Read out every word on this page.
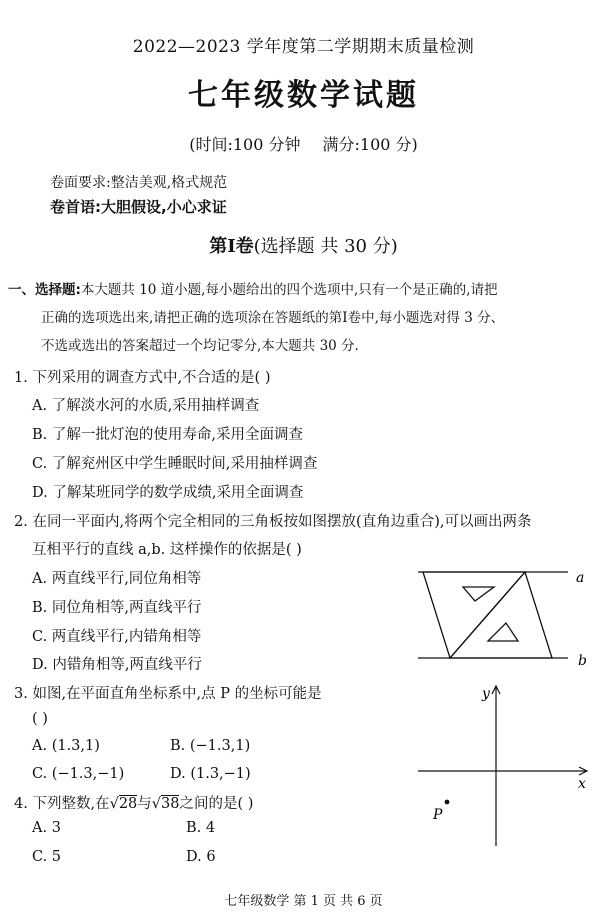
2022—2023 学年度第二学期期末质量检测
七年级数学试题
(时间:100 分钟 满分:100 分)
卷面要求:整洁美观,格式规范
卷首语:大胆假设,小心求证
第Ⅰ卷(选择题 共 30 分)

一、选择题:本大题共 10 道小题,每小题给出的四个选项中,只有一个是正确的,请把

正确的选项选出来,请把正确的选项涂在答题纸的第Ⅰ卷中,每小题选对得 3 分、

不选或选出的答案超过一个均记零分,本大题共 30 分.

1. 下列采用的调查方式中,不合适的是( )
A. 了解淡水河的水质,采用抽样调查
B. 了解一批灯泡的使用寿命,采用全面调查
C. 了解兖州区中学生睡眠时间,采用抽样调查
D. 了解某班同学的数学成绩,采用全面调查
2. 在同一平面内,将两个完全相同的三角板按如图摆放(直角边重合),可以画出两条
互相平行的直线 a,b. 这样操作的依据是( )
A. 两直线平行,同位角相等
B. 同位角相等,两直线平行
C. 两直线平行,内错角相等
D. 内错角相等,两直线平行
a
b
3. 如图,在平面直角坐标系中,点 P 的坐标可能是
( )
A. (1.3,1)	B. (−1.3,1)
C. (−1.3,−1)	D. (1.3,−1)
x
y
P
4. 下列整数,在√28与√38之间的是( )
A. 3	B. 4
C. 5	D. 6
七年级数学 第 1 页 共 6 页
